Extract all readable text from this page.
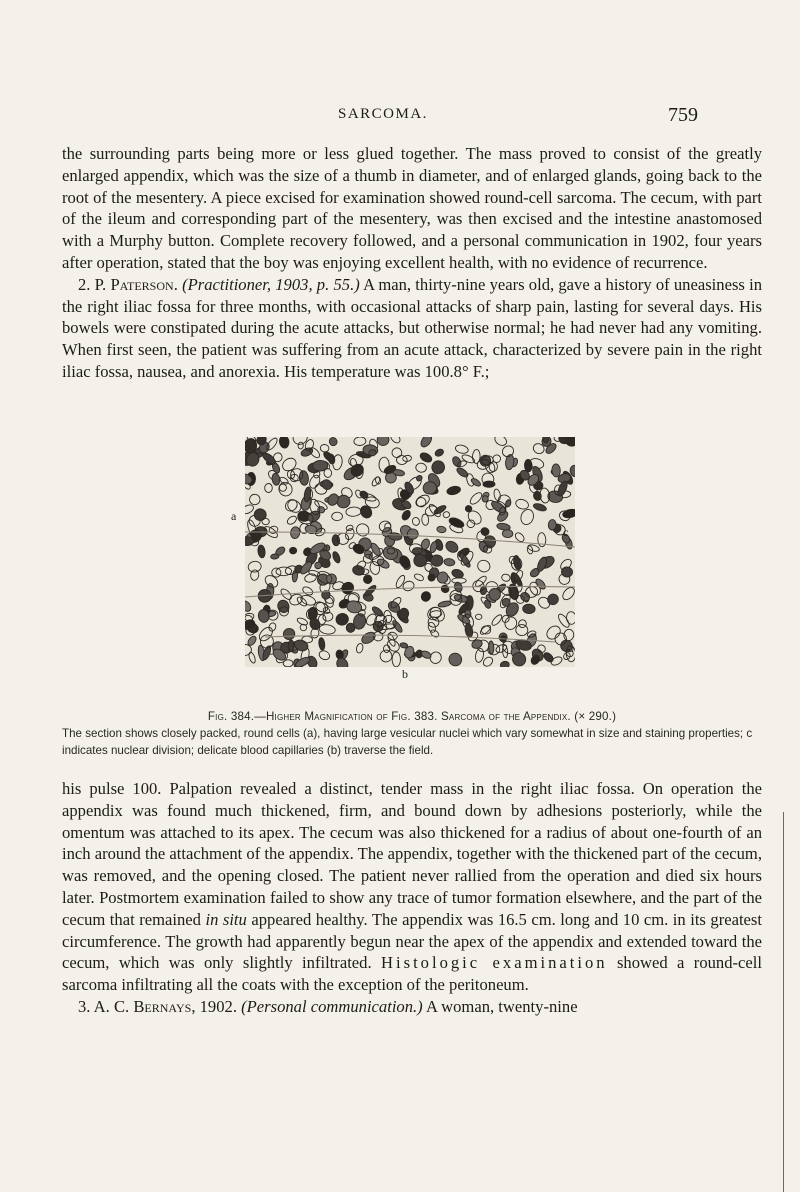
SARCOMA.	759

the surrounding parts being more or less glued together. The mass proved to consist of the greatly enlarged appendix, which was the size of a thumb in diameter, and of enlarged glands, going back to the root of the mesentery. A piece excised for examination showed round-cell sarcoma. The cecum, with part of the ileum and corresponding part of the mesentery, was then excised and the intestine anastomosed with a Murphy button. Complete recovery followed, and a personal communication in 1902, four years after operation, stated that the boy was enjoying excellent health, with no evidence of recurrence.

2. P. Paterson. (Practitioner, 1903, p. 55.) A man, thirty-nine years old, gave a history of uneasiness in the right iliac fossa for three months, with occasional attacks of sharp pain, lasting for several days. His bowels were constipated during the acute attacks, but otherwise normal; he had never had any vomiting. When first seen, the patient was suffering from an acute attack, characterized by severe pain in the right iliac fossa, nausea, and anorexia. His temperature was 100.8° F.;

a
c
b
Fig. 384.—Higher Magnification of Fig. 383. Sarcoma of the Appendix. (× 290.)
The section shows closely packed, round cells (a), having large vesicular nuclei which vary somewhat in size and staining properties; c indicates nuclear division; delicate blood capillaries (b) traverse the field.

his pulse 100. Palpation revealed a distinct, tender mass in the right iliac fossa. On operation the appendix was found much thickened, firm, and bound down by adhesions posteriorly, while the omentum was attached to its apex. The cecum was also thickened for a radius of about one-fourth of an inch around the attachment of the appendix. The appendix, together with the thickened part of the cecum, was removed, and the opening closed. The patient never rallied from the operation and died six hours later. Postmortem examination failed to show any trace of tumor formation elsewhere, and the part of the cecum that remained in situ appeared healthy. The appendix was 16.5 cm. long and 10 cm. in its greatest circumference. The growth had apparently begun near the apex of the appendix and extended toward the cecum, which was only slightly infiltrated. Histologic examination showed a round-cell sarcoma infiltrating all the coats with the exception of the peritoneum.

3. A. C. Bernays, 1902. (Personal communication.) A woman, twenty-nine
